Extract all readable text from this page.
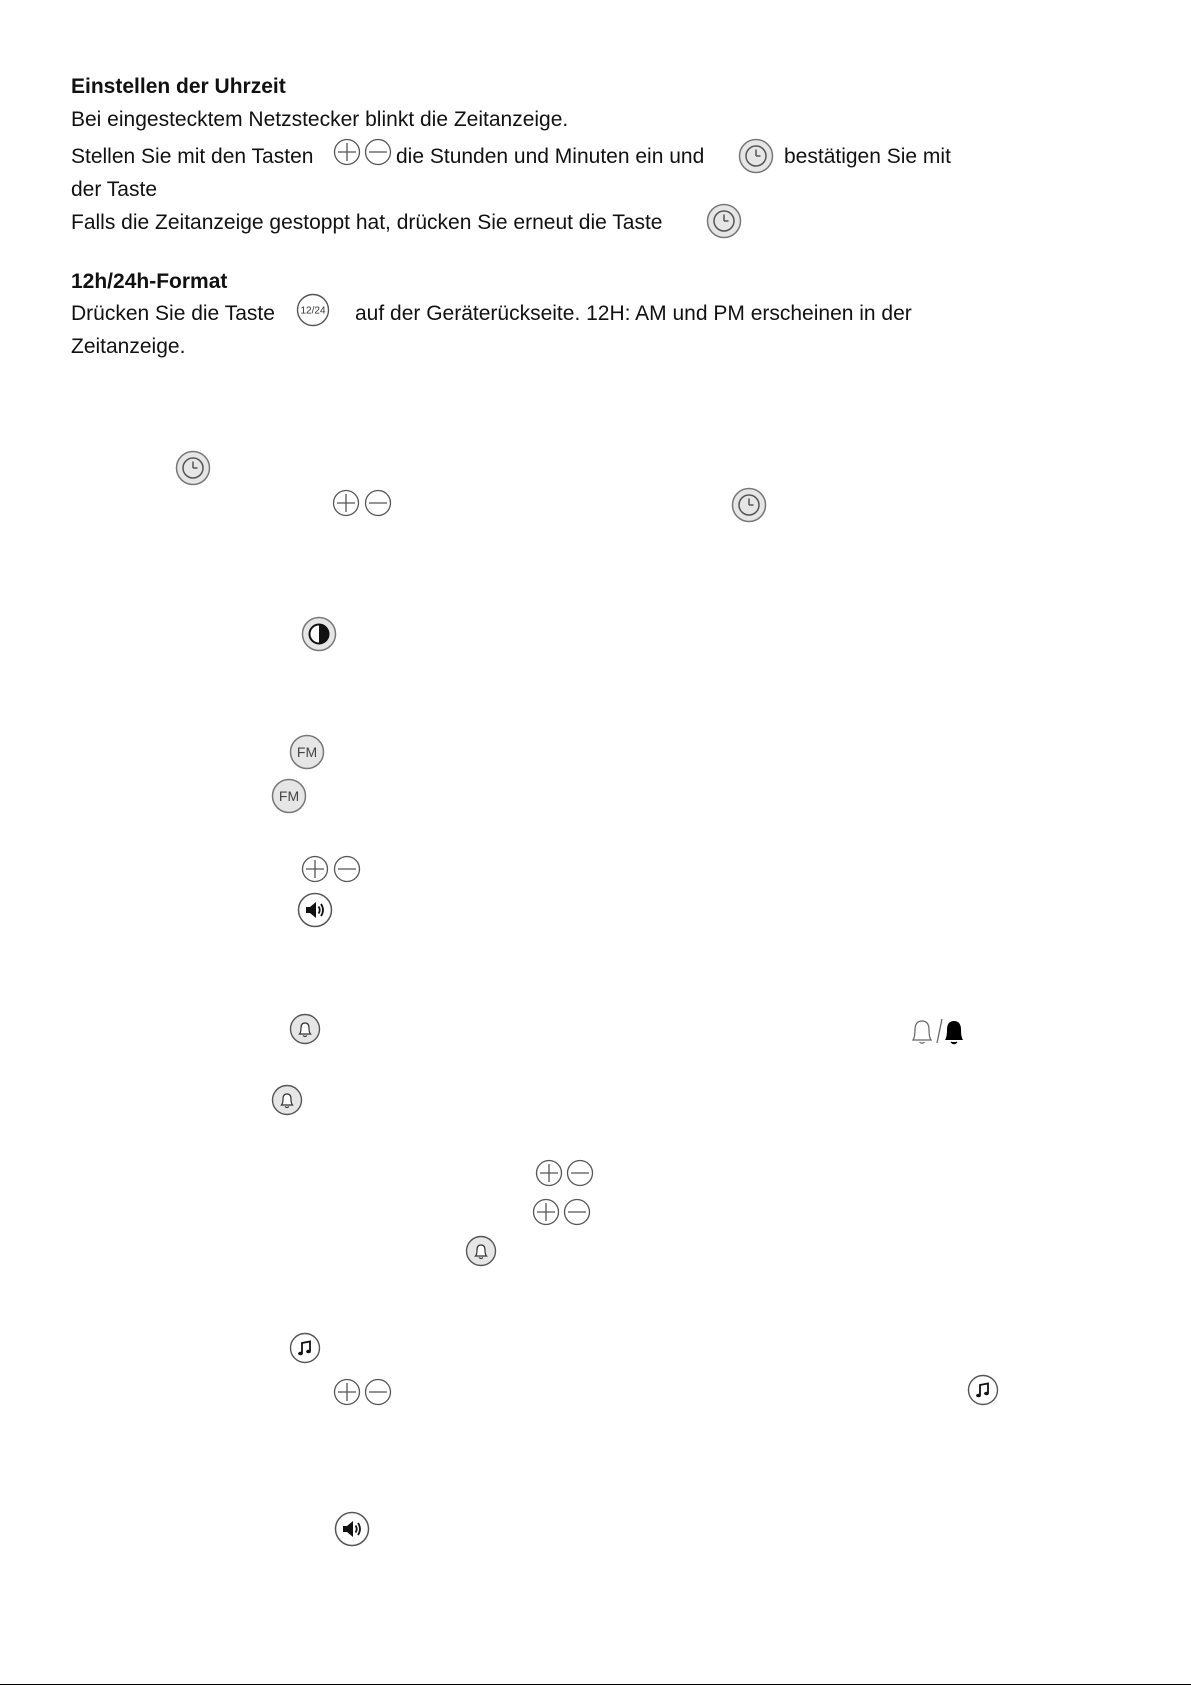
Einstellen der Uhrzeit
Bei eingestecktem Netzstecker blinkt die Zeitanzeige.
Stellen Sie mit den Tasten	die Stunden und Minuten ein und	bestätigen Sie mit
der Taste
Falls die Zeitanzeige gestoppt hat, drücken Sie erneut die Taste
12h/24h-Format
Drücken Sie die Taste	12/24 auf der Geräterückseite. 12H: AM und PM erscheinen in der
Zeitanzeige.
FM
FM
